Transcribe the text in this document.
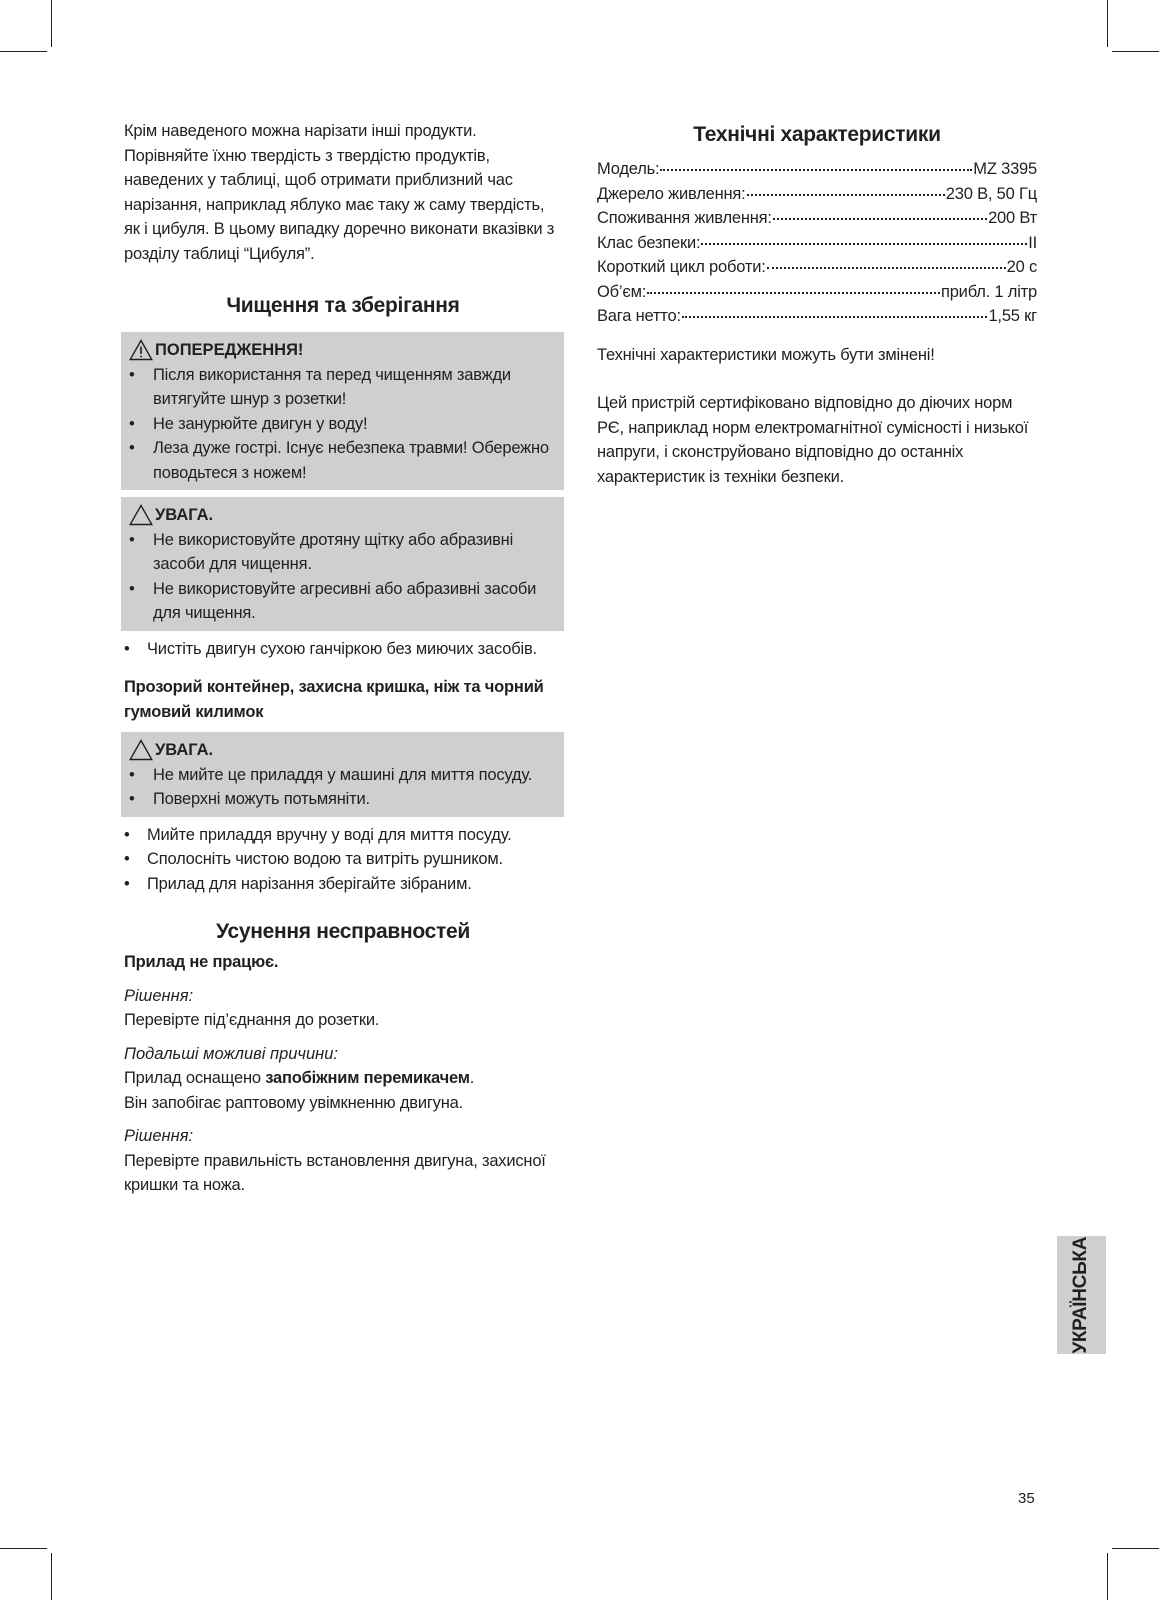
Крім наведеного можна нарізати інші продукти. Порівняйте їхню твердість з твердістю продуктів, наведених у таблиці, щоб отримати приблизний час нарізання, наприклад яблуко має таку ж саму твердість, як і цибуля. В цьому випадку доречно виконати вказівки з розділу таблиці “Цибуля”.

Чищення та зберігання
ПОПЕРЕДЖЕННЯ!
• Після використання та перед чищенням завжди витягуйте шнур з розетки!
• Не занурюйте двигун у воду!
• Леза дуже гострі. Існує небезпека травми! Обережно поводьтеся з ножем!
УВАГА.
• Не використовуйте дротяну щітку або абразивні засоби для чищення.
• Не використовуйте агресивні або абразивні засоби для чищення.
• Чистіть двигун сухою ганчіркою без миючих засобів.

Прозорий контейнер, захисна кришка, ніж та чорний гумовий килимок

УВАГА.
• Не мийте це приладдя у машині для миття посуду.
• Поверхні можуть потьмяніти.
• Мийте приладдя вручну у воді для миття посуду.
• Сполосніть чистою водою та витріть рушником.
• Прилад для нарізання зберігайте зібраним.
Усунення несправностей

Прилад не працює.

Рішення:

Перевірте під’єднання до розетки.

Подальші можливі причини:

Прилад оснащено запобіжним перемикачем.

Він запобігає раптовому увімкненню двигуна.

Рішення:

Перевірте правильність встановлення двигуна, захисної кришки та ножа.

Технічні характеристики
Модель:	MZ 3395
Джерело живлення:	230 В, 50 Гц
Споживання живлення:	200 Вт
Клас безпеки:	II
Короткий цикл роботи:	20 с
Об’єм:	прибл. 1 літр
Вага нетто:	1,55 кг

Технічні характеристики можуть бути змінені!

Цей пристрій сертифіковано відповідно до діючих норм РЄ, наприклад норм електромагнітної сумісності і низької напруги, і сконструйовано відповідно до останніх характеристик із техніки безпеки.

УКРАЇНСЬКА
35
